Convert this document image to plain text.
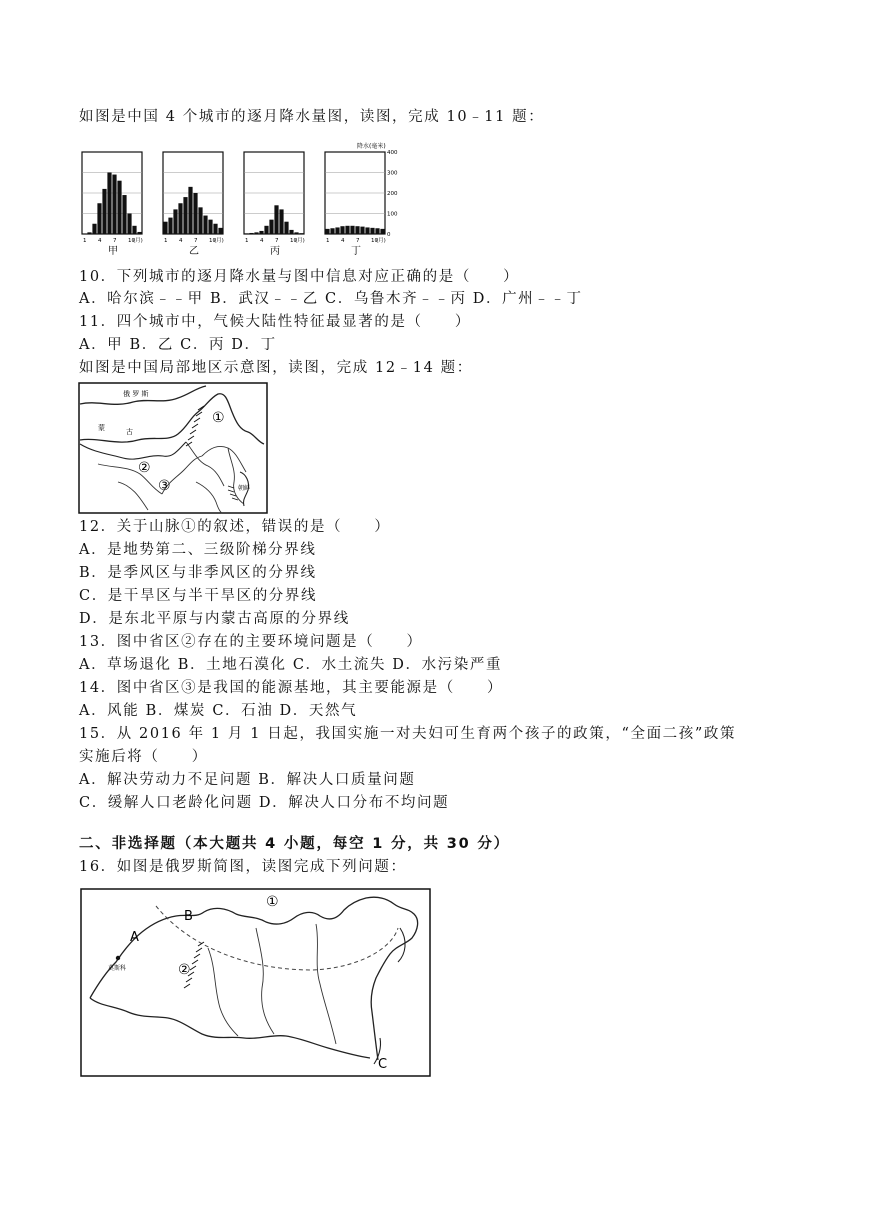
如图是中国 4 个城市的逐月降水量图，读图，完成 10﹣11 题：
1 4 7 10
(月)
甲
1 4 7 10
(月)
乙
1 4 7 10
(月)
丙
1 4 7 10
(月)
丁
400
300
200
100
0
降水(毫米)
10．下列城市的逐月降水量与图中信息对应正确的是（　　）
A．哈尔滨﹣﹣甲 B．武汉﹣﹣乙 C．乌鲁木齐﹣﹣丙 D．广州﹣﹣丁
11．四个城市中，气候大陆性特征最显著的是（　　）
A．甲 B．乙 C．丙 D．丁
如图是中国局部地区示意图，读图，完成 12﹣14 题：
俄 罗 斯
蒙	古
朝鲜
①
②
③
12．关于山脉①的叙述，错误的是（　　）
A．是地势第二、三级阶梯分界线
B．是季风区与非季风区的分界线
C．是干旱区与半干旱区的分界线
D．是东北平原与内蒙古高原的分界线
13．图中省区②存在的主要环境问题是（　　）
A．草场退化 B．土地石漠化 C．水土流失 D．水污染严重
14．图中省区③是我国的能源基地，其主要能源是（　　）
A．风能 B．煤炭 C．石油 D．天然气
15．从 2016 年 1 月 1 日起，我国实施一对夫妇可生育两个孩子的政策，“全面二孩”政策
实施后将（　　）
A．解决劳动力不足问题 B．解决人口质量问题
C．缓解人口老龄化问题 D．解决人口分布不均问题
二、非选择题（本大题共 4 小题，每空 1 分，共 30 分）
16．如图是俄罗斯简图，读图完成下列问题：
A
B
C
①
②
莫斯科
